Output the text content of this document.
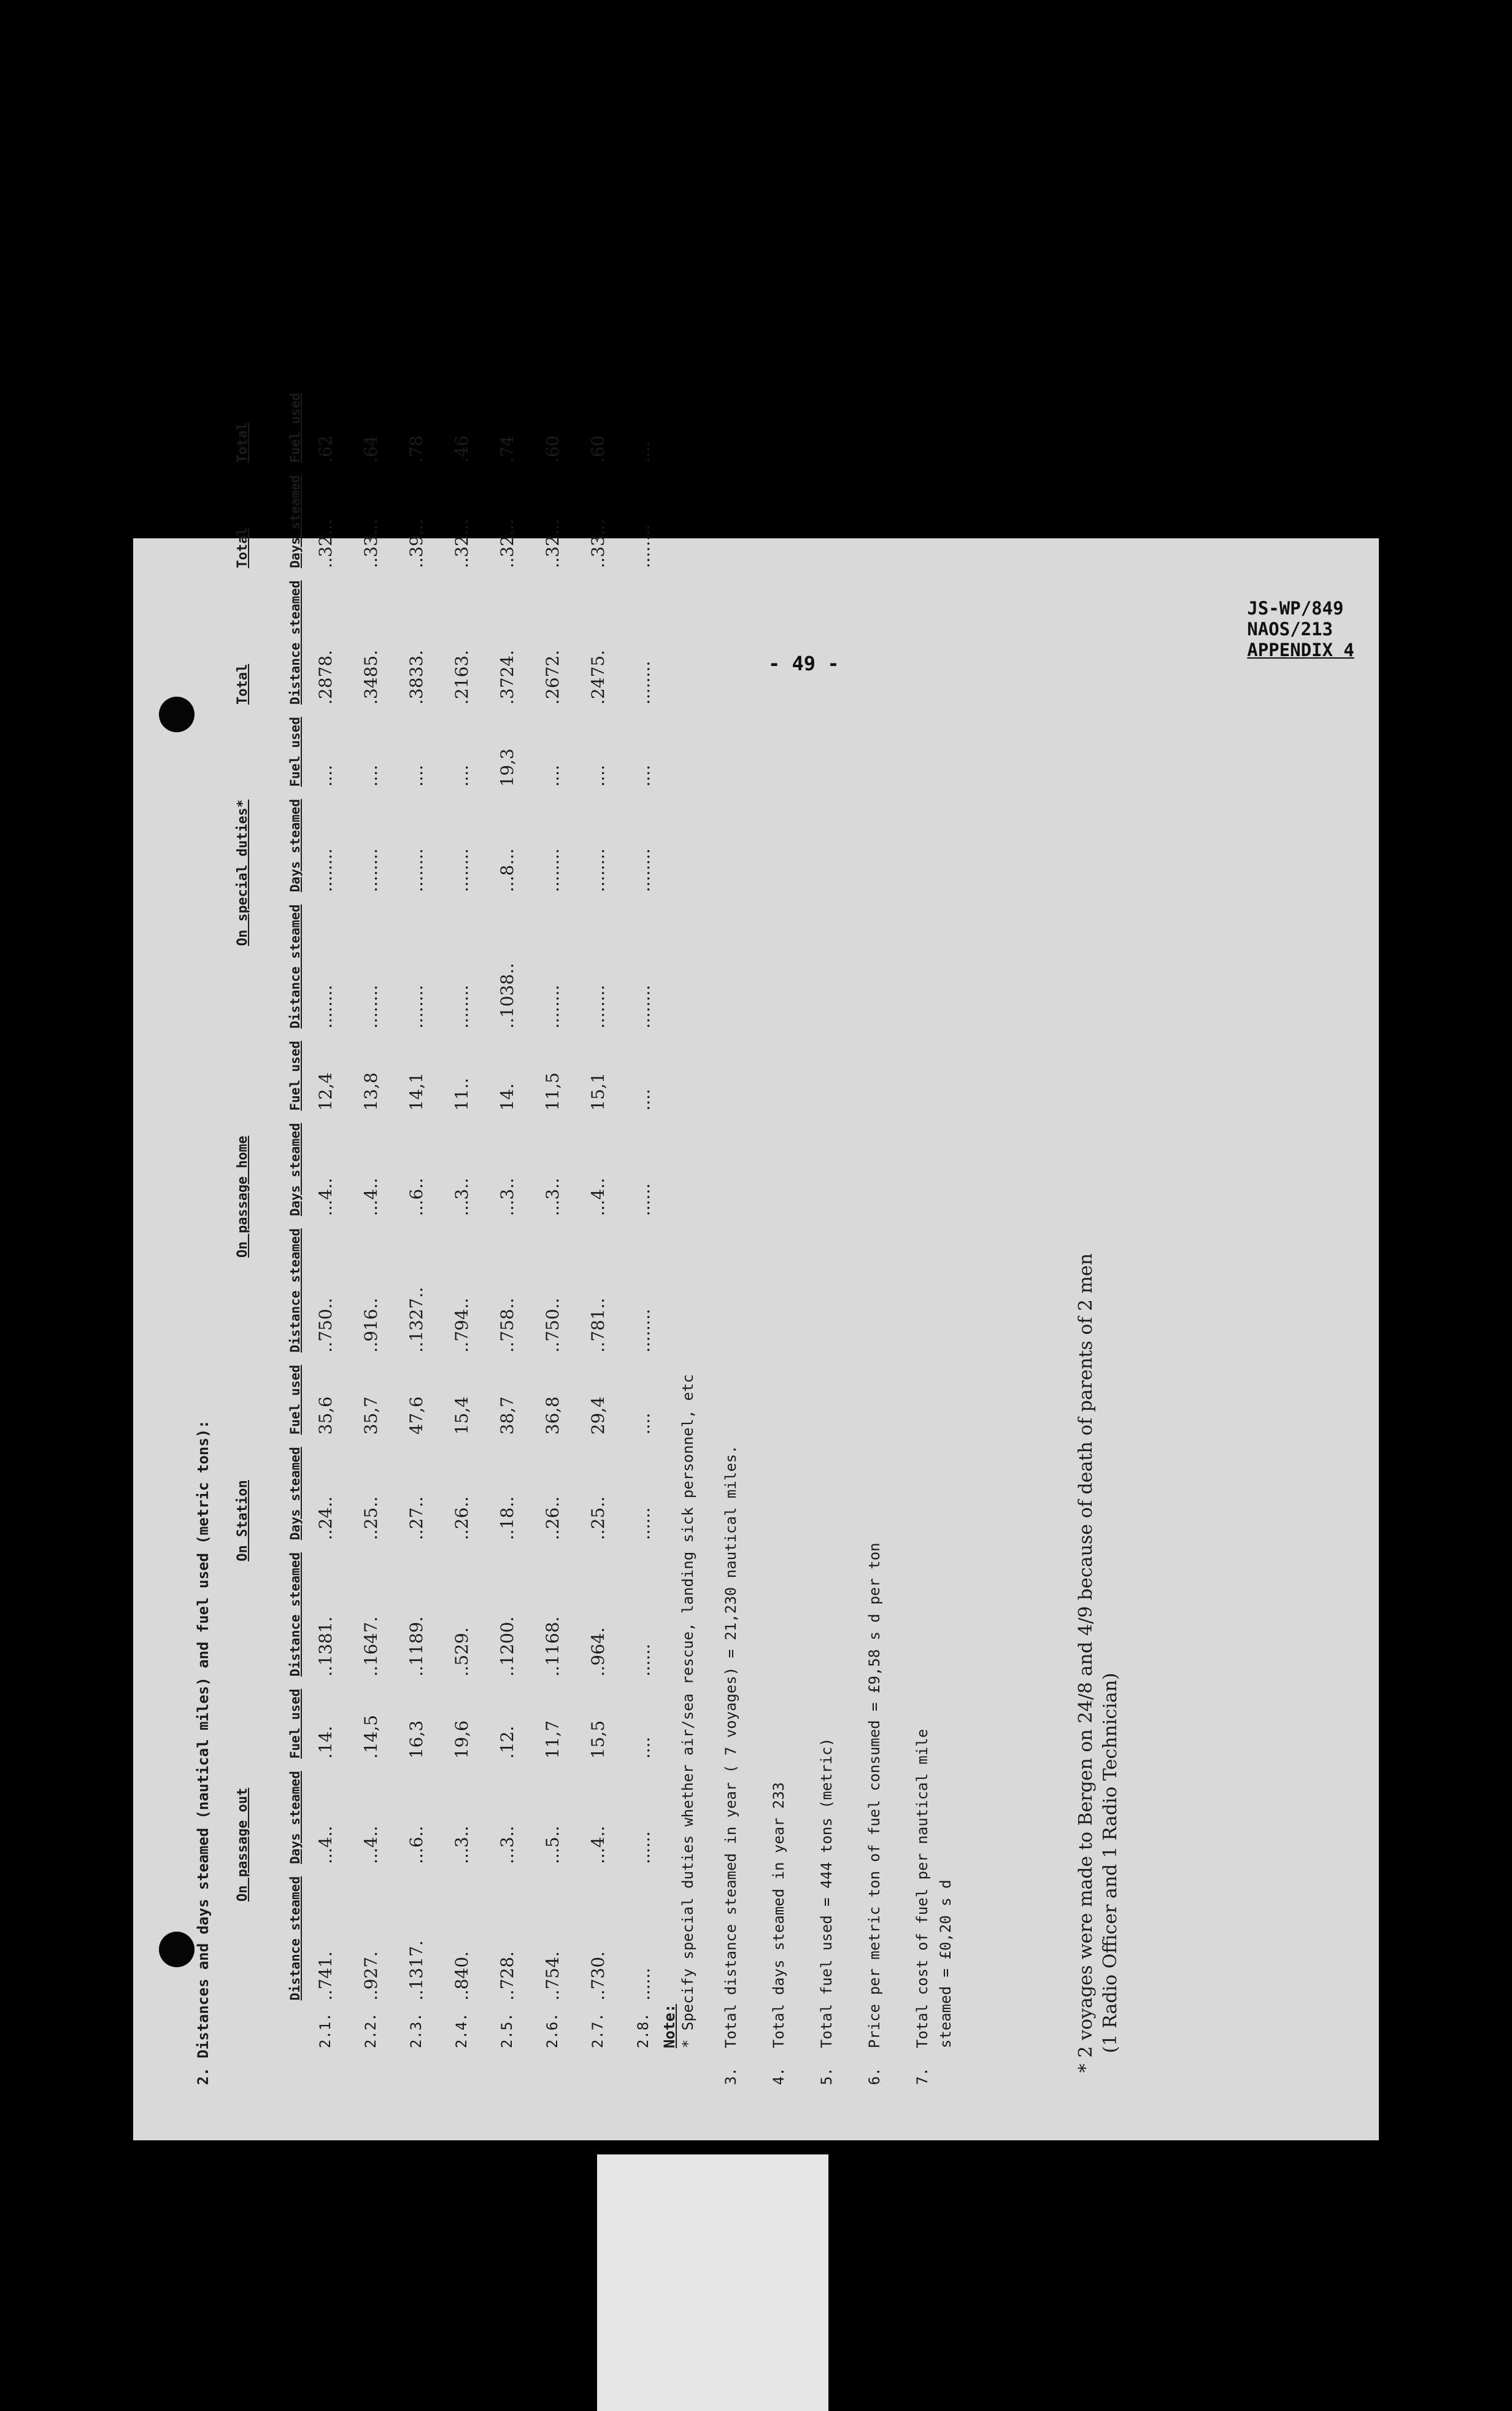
JS-WP/849
NAOS/213
APPENDIX 4
- 49 -
2. Distances and days steamed (nautical miles) and fuel used (metric tons):
	On passage out			On Station			On passage home			On special duties*			Total	Total	Total
	Distance steamed	Days steamed	Fuel used	Distance steamed	Days steamed	Fuel used	Distance steamed	Days steamed	Fuel used	Distance steamed	Days steamed	Fuel used	Distance steamed	Days steamed	Fuel used
2.1.	..741.	...4..	.14.	..1381.	..24..	35,6	..750..	...4..	12,4	........	........	....	.2878.	..32...	.62
2.2.	..927.	...4..	.14,5	..1647.	..25..	35,7	..916..	...4..	13,8	........	........	....	.3485.	..33...	.64
2.3.	..1317.	...6..	16,3	..1189.	..27..	47,6	..1327..	...6..	14,1	........	........	....	.3833.	..39...	.78
2.4.	..840.	...3..	19,6	..529.	..26..	15,4	..794..	...3..	11..	........	........	....	.2163.	..32...	.46
2.5.	..728.	...3..	.12.	..1200.	..18..	38,7	..758..	...3..	14.	..1038..	...8...	19,3	.3724.	..32...	.74
2.6.	..754.	...5..	11,7	..1168.	..26..	36,8	..750..	...3..	11,5	........	........	....	.2672.	..32...	.60
2.7.	..730.	...4..	15,5	..964.	..25..	29,4	..781..	...4..	15,1	........	........	....	.2475.	..33...	.60
2.8.	......	......	....	......	......	....	........	......	....	........	........	....	........	........	....
Note: * Specify special duties whether air/sea rescue, landing sick personnel, etc
3.
Total distance steamed in year ( 7 voyages) = 21,230 nautical miles.
4.
Total days steamed in year 233
5.
Total fuel used = 444 tons (metric)
6.
Price per metric ton of fuel consumed = £9,58 s d per ton
7.
Total cost of fuel per nautical mile steamed = £0,20 s d	* 2 voyages were made to Bergen on 24/8 and 4/9 because of death of parents of 2 men (1 Radio Officer and 1 Radio Technician)
